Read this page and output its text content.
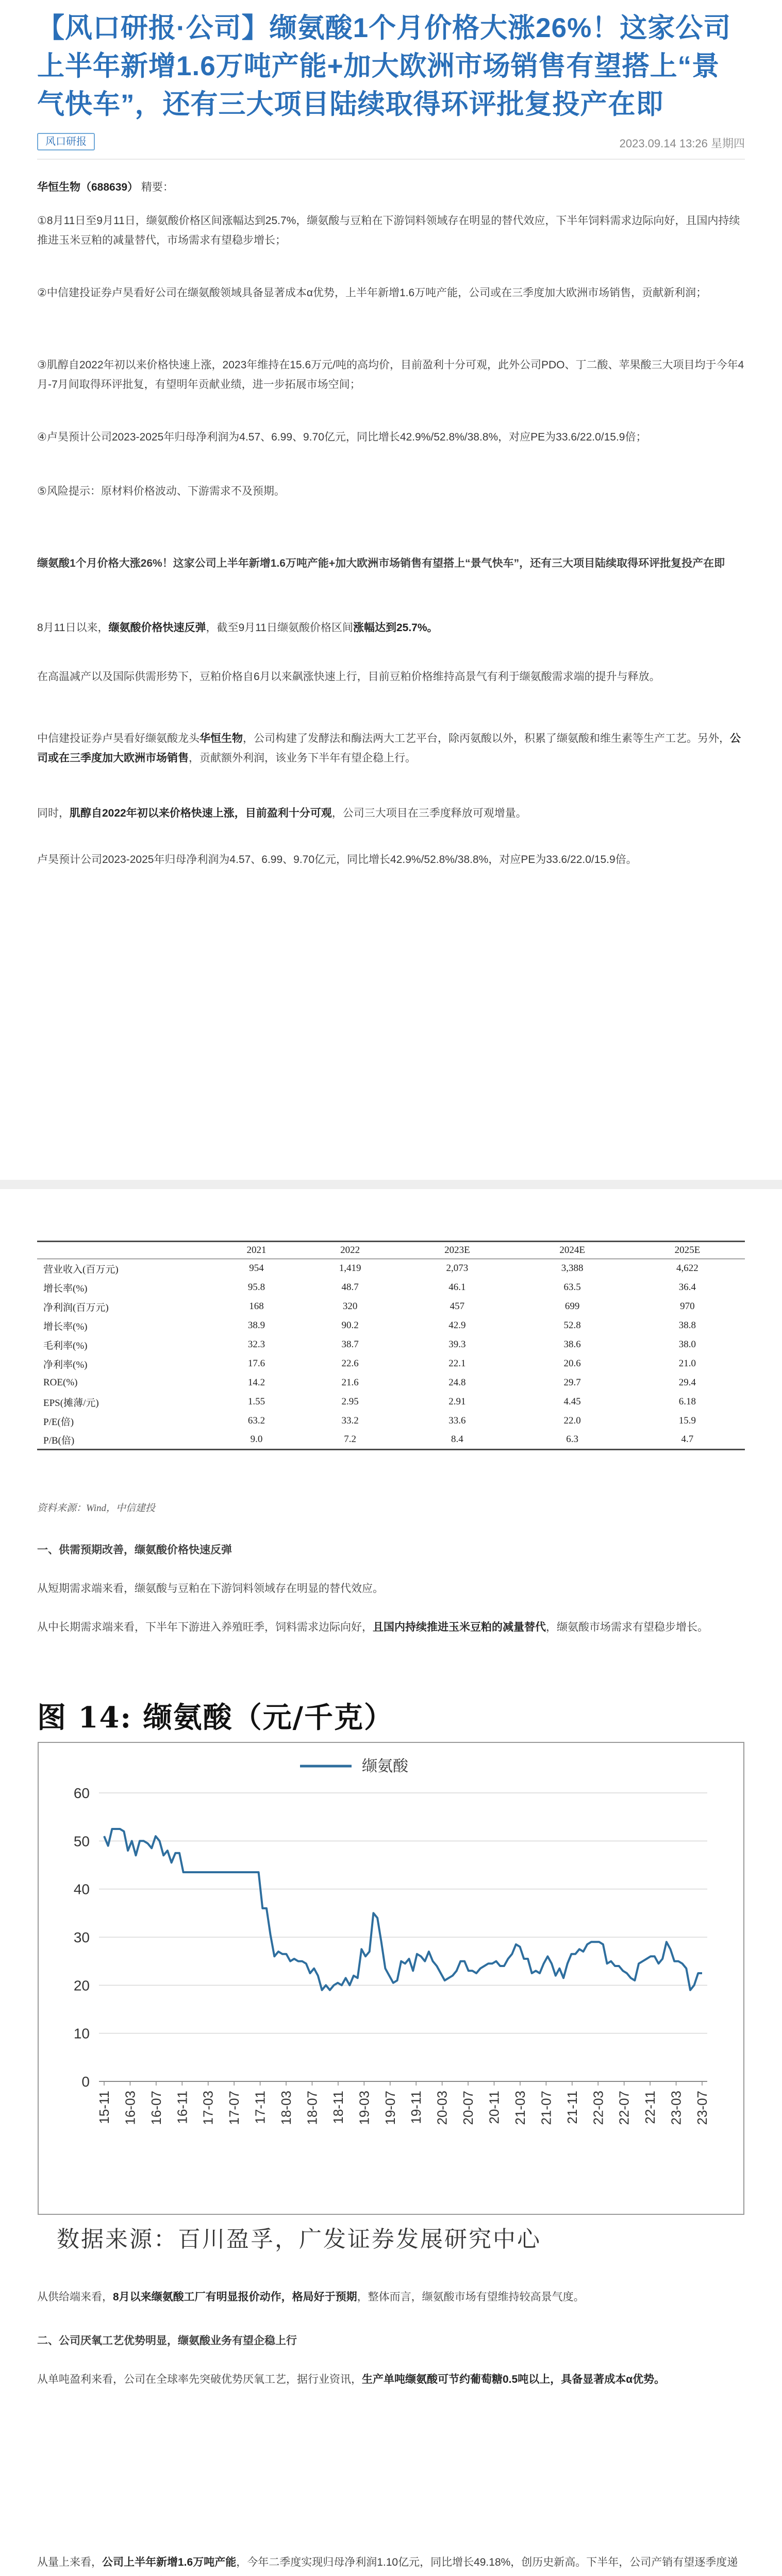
【风口研报·公司】缬氨酸1个月价格大涨26%！这家公司上半年新增1.6万吨产能+加大欧洲市场销售有望搭上“景气快车”，还有三大项目陆续取得环评批复投产在即
风口研报	2023.09.14 13:26 星期四

华恒生物（688639） 精要：

①8月11日至9月11日，缬氨酸价格区间涨幅达到25.7%，缬氨酸与豆粕在下游饲料领域存在明显的替代效应，下半年饲料需求边际向好，且国内持续推进玉米豆粕的减量替代，市场需求有望稳步增长；

②中信建投证券卢昊看好公司在缬氨酸领域具备显著成本α优势，上半年新增1.6万吨产能，公司或在三季度加大欧洲市场销售，贡献新利润；

③肌醇自2022年初以来价格快速上涨，2023年维持在15.6万元/吨的高均价，目前盈利十分可观，此外公司PDO、丁二酸、苹果酸三大项目均于今年4月-7月间取得环评批复，有望明年贡献业绩，进一步拓展市场空间；

④卢昊预计公司2023-2025年归母净利润为4.57、6.99、9.70亿元，同比增长42.9%/52.8%/38.8%，对应PE为33.6/22.0/15.9倍；

⑤风险提示：原材料价格波动、下游需求不及预期。

缬氨酸1个月价格大涨26%！这家公司上半年新增1.6万吨产能+加大欧洲市场销售有望搭上“景气快车”，还有三大项目陆续取得环评批复投产在即

8月11日以来，缬氨酸价格快速反弹，截至9月11日缬氨酸价格区间涨幅达到25.7%。

在高温减产以及国际供需形势下，豆粕价格自6月以来飙涨快速上行，目前豆粕价格维持高景气有利于缬氨酸需求端的提升与释放。

中信建投证券卢昊看好缬氨酸龙头华恒生物，公司构建了发酵法和酶法两大工艺平台，除丙氨酸以外，积累了缬氨酸和维生素等生产工艺。另外，公司或在三季度加大欧洲市场销售，贡献额外利润，该业务下半年有望企稳上行。

同时，肌醇自2022年初以来价格快速上涨，目前盈利十分可观，公司三大项目在三季度释放可观增量。

卢昊预计公司2023-2025年归母净利润为4.57、6.99、9.70亿元，同比增长42.9%/52.8%/38.8%，对应PE为33.6/22.0/15.9倍。

	2021	2022	2023E	2024E	2025E
营业收入(百万元)	954	1,419	2,073	3,388	4,622
增长率(%)	95.8	48.7	46.1	63.5	36.4
净利润(百万元)	168	320	457	699	970
增长率(%)	38.9	90.2	42.9	52.8	38.8
毛利率(%)	32.3	38.7	39.3	38.6	38.0
净利率(%)	17.6	22.6	22.1	20.6	21.0
ROE(%)	14.2	21.6	24.8	29.7	29.4
EPS(摊薄/元)	1.55	2.95	2.91	4.45	6.18
P/E(倍)	63.2	33.2	33.6	22.0	15.9
P/B(倍)	9.0	7.2	8.4	6.3	4.7
资料来源：Wind，中信建投

一、供需预期改善，缬氨酸价格快速反弹

从短期需求端来看，缬氨酸与豆粕在下游饲料领域存在明显的替代效应。

从中长期需求端来看，下半年下游进入养殖旺季，饲料需求边际向好，且国内持续推进玉米豆粕的减量替代，缬氨酸市场需求有望稳步增长。

图 14: 缬氨酸（元/千克）
0
10
20
30
40
50
60
15-11 16-03 16-07 16-11 17-03 17-07 17-11 18-03 18-07 18-11 19-03 19-07 19-11 20-03 20-07 20-11 21-03 21-07 21-11 22-03 22-07 22-11 23-03 23-07
缬氨酸
数据来源：百川盈孚，广发证券发展研究中心

从供给端来看，8月以来缬氨酸工厂有明显报价动作，格局好于预期，整体而言，缬氨酸市场有望维持较高景气度。

二、公司厌氧工艺优势明显，缬氨酸业务有望企稳上行

从单吨盈利来看，公司在全球率先突破优势厌氧工艺，据行业资讯，生产单吨缬氨酸可节约葡萄糖0.5吨以上，具备显著成本α优势。

从量上来看，公司上半年新增1.6万吨产能，今年二季度实现归母净利润1.10亿元，同比增长49.18%，创历史新高。下半年，公司产销有望逐季度递
